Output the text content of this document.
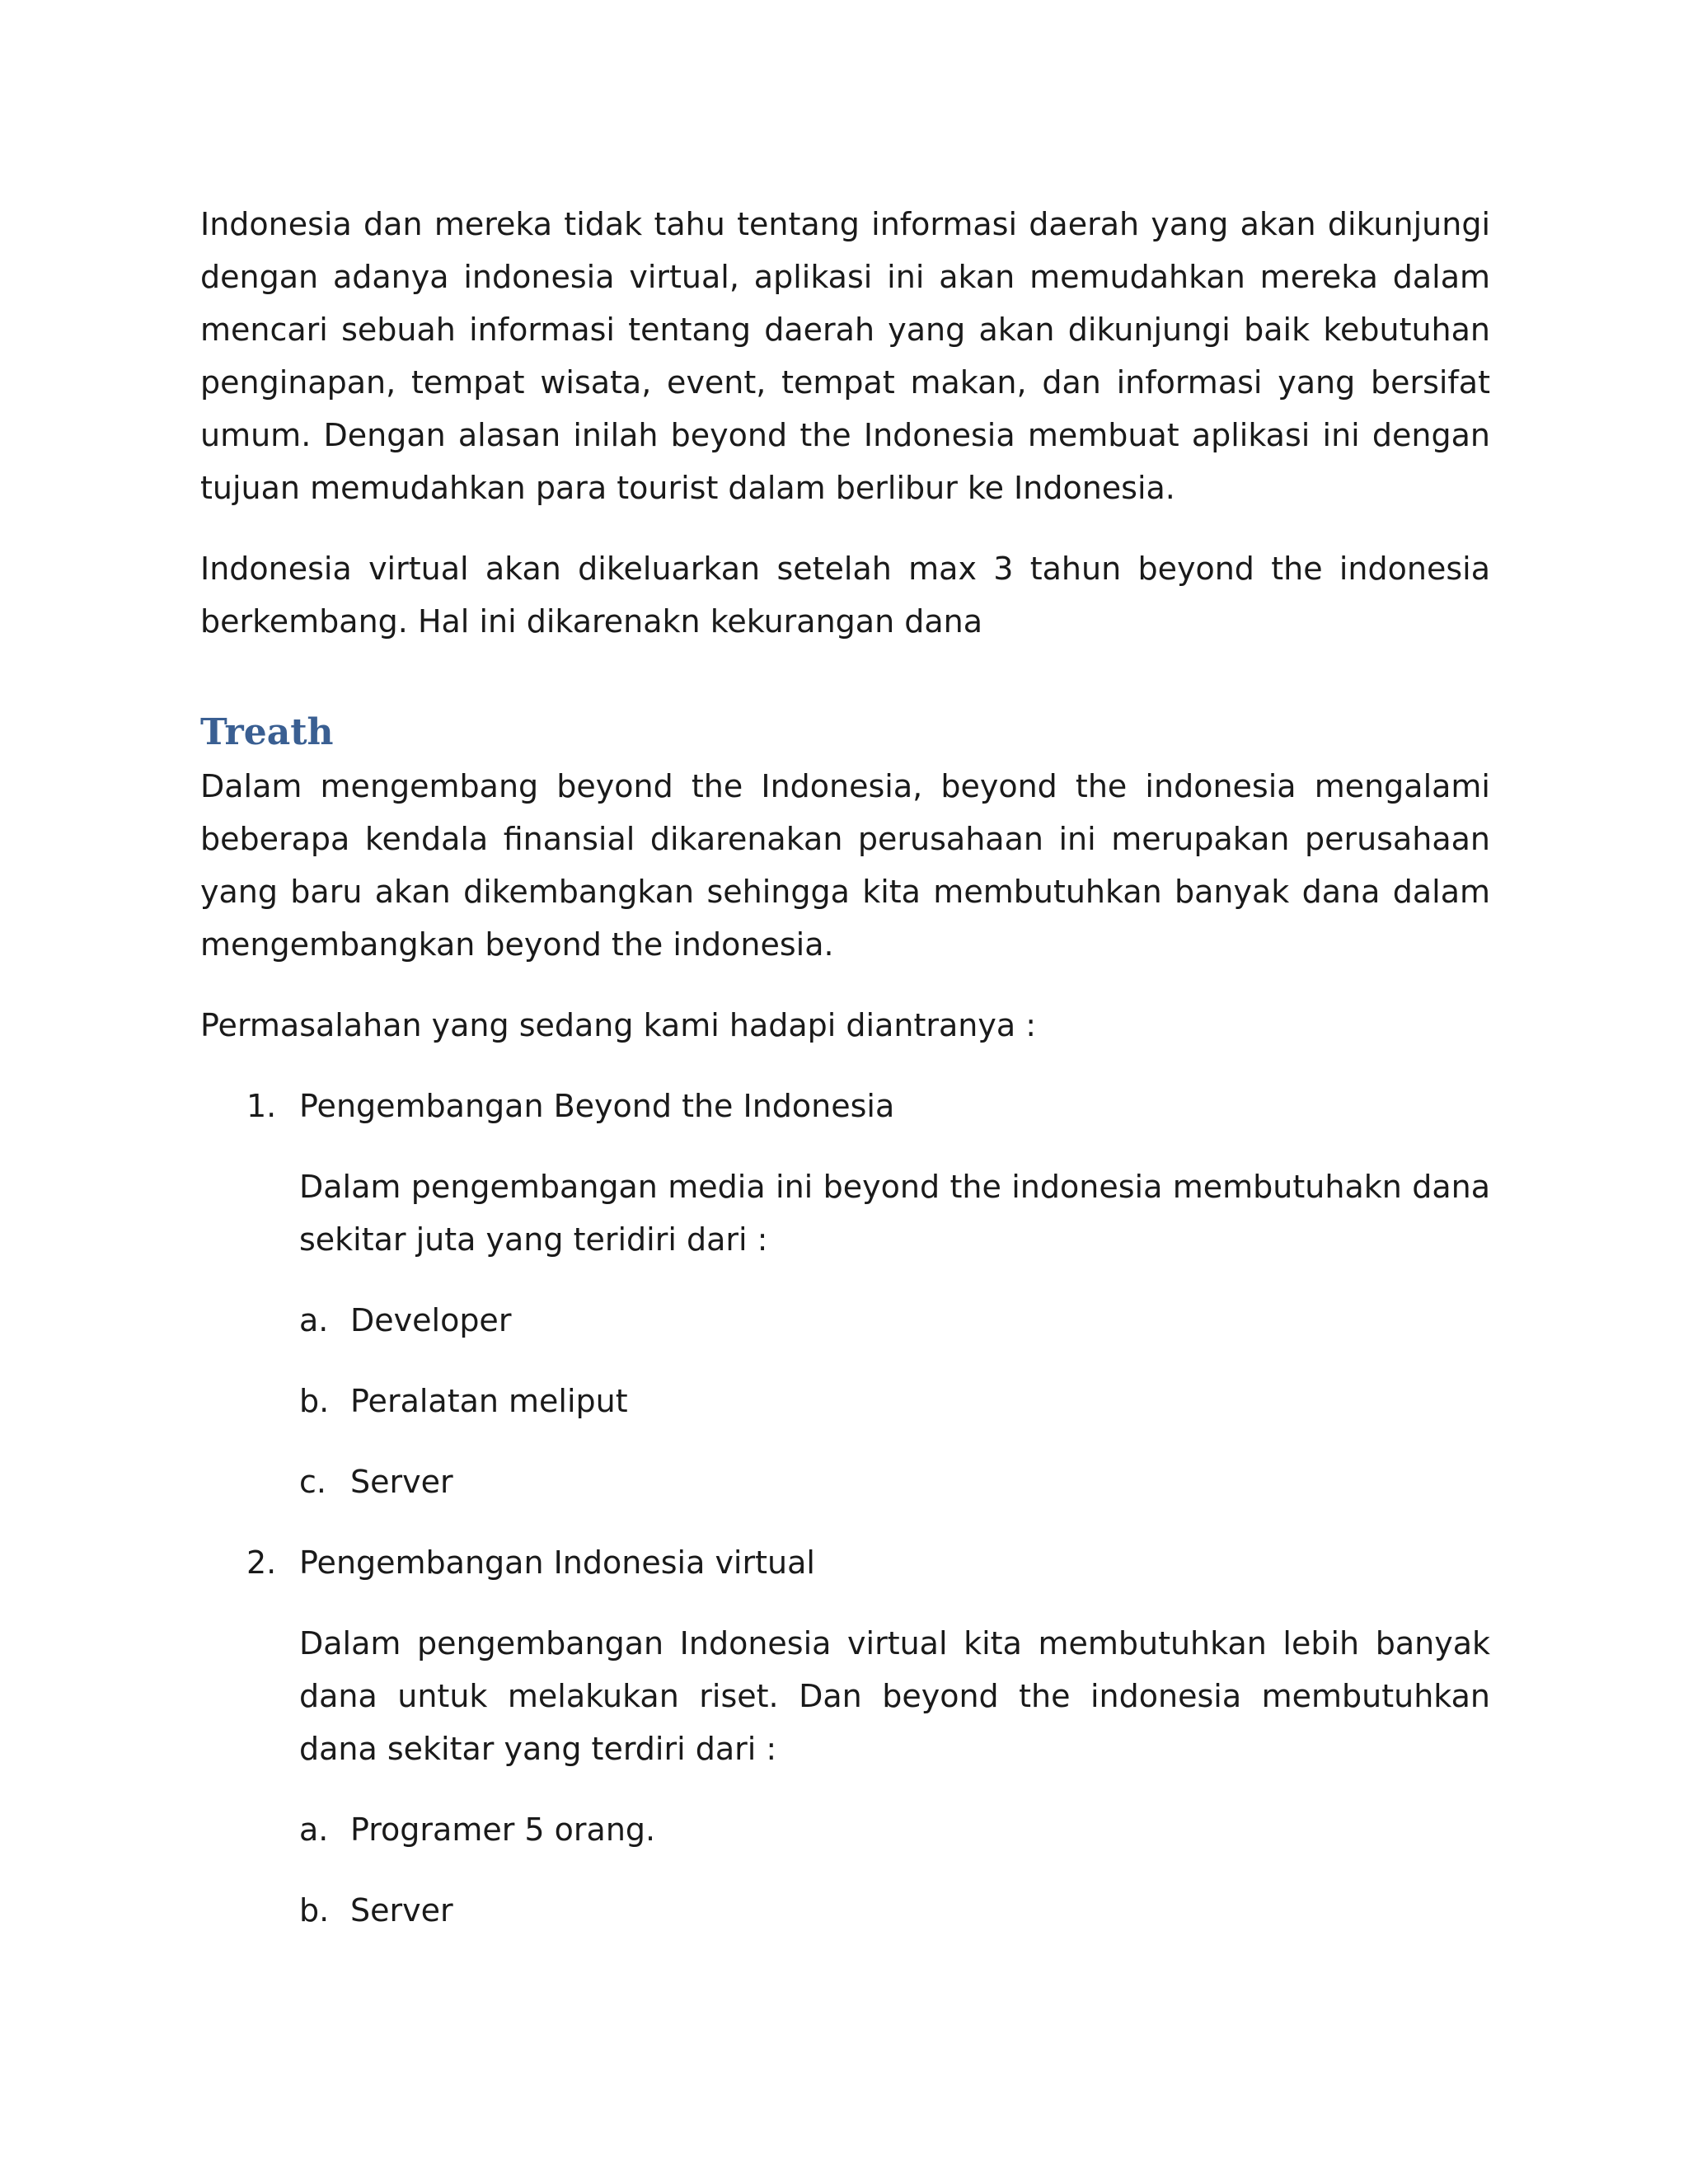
Indonesia dan mereka tidak tahu tentang informasi daerah yang akan dikunjungi dengan adanya indonesia virtual, aplikasi ini akan memudahkan mereka dalam mencari sebuah informasi tentang daerah yang akan dikunjungi baik kebutuhan penginapan, tempat wisata, event, tempat makan, dan informasi yang bersifat umum. Dengan alasan inilah beyond the Indonesia membuat aplikasi ini dengan tujuan memudahkan para tourist dalam berlibur ke Indonesia.

Indonesia virtual akan dikeluarkan setelah max 3 tahun beyond the indonesia berkembang. Hal ini dikarenakn kekurangan dana

Treath

Dalam mengembang beyond the Indonesia, beyond the indonesia mengalami beberapa kendala finansial dikarenakan perusahaan ini merupakan perusahaan yang baru akan dikembangkan sehingga kita membutuhkan banyak dana dalam mengembangkan beyond the indonesia.

Permasalahan yang sedang kami hadapi diantranya :

1. Pengembangan Beyond the Indonesia

Dalam pengembangan media ini beyond the indonesia membutuhakn dana sekitar juta yang teridiri dari :

a. Developer
b. Peralatan meliput
c. Server
2. Pengembangan Indonesia virtual

Dalam pengembangan Indonesia virtual kita membutuhkan lebih banyak dana untuk melakukan riset. Dan beyond the indonesia membutuhkan dana sekitar yang terdiri dari :

a. Programer 5 orang.
b. Server
